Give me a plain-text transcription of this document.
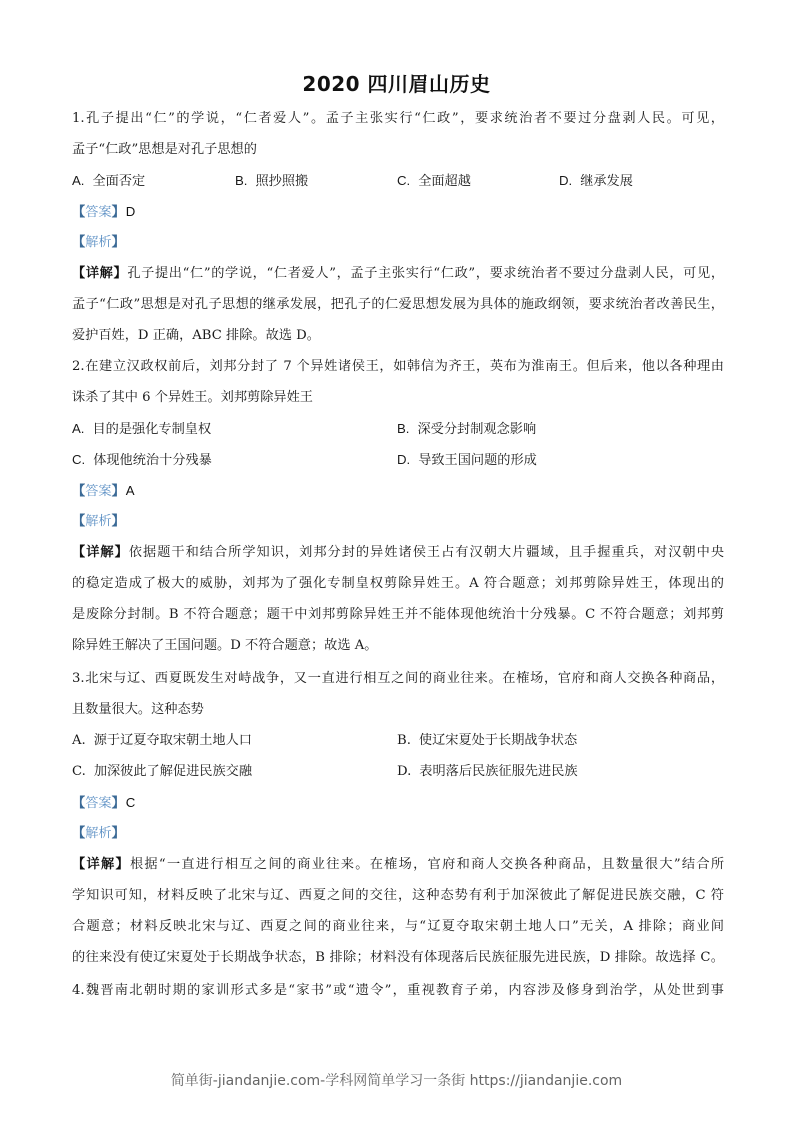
2020 四川眉山历史
1.孔子提出“仁”的学说，“仁者爱人”。孟子主张实行“仁政”，要求统治者不要过分盘剥人民。可见，
孟子“仁政”思想是对孔子思想的
A. 全面否定	B. 照抄照搬	C. 全面超越	D. 继承发展
【答案】D
【解析】
【详解】孔子提出“仁”的学说，“仁者爱人”，孟子主张实行“仁政”，要求统治者不要过分盘剥人民，可见，
孟子“仁政”思想是对孔子思想的继承发展，把孔子的仁爱思想发展为具体的施政纲领，要求统治者改善民生，
爱护百姓，D 正确，ABC 排除。故选 D。
2.在建立汉政权前后，刘邦分封了 7 个异姓诸侯王，如韩信为齐王，英布为淮南王。但后来，他以各种理由
诛杀了其中 6 个异姓王。刘邦剪除异姓王
A. 目的是强化专制皇权	B. 深受分封制观念影响
C. 体现他统治十分残暴	D. 导致王国问题的形成
【答案】A
【解析】
【详解】依据题干和结合所学知识，刘邦分封的异姓诸侯王占有汉朝大片疆域，且手握重兵，对汉朝中央
的稳定造成了极大的威胁，刘邦为了强化专制皇权剪除异姓王。A 符合题意；刘邦剪除异姓王，体现出的
是废除分封制。B 不符合题意；题干中刘邦剪除异姓王并不能体现他统治十分残暴。C 不符合题意；刘邦剪
除异姓王解决了王国问题。D 不符合题意；故选 A。
3.北宋与辽、西夏既发生对峙战争，又一直进行相互之间的商业往来。在榷场，官府和商人交换各种商品，
且数量很大。这种态势
A. 源于辽夏夺取宋朝土地人口	B. 使辽宋夏处于长期战争状态
C. 加深彼此了解促进民族交融	D. 表明落后民族征服先进民族
【答案】C
【解析】
【详解】根据“一直进行相互之间的商业往来。在榷场，官府和商人交换各种商品，且数量很大”结合所
学知识可知，材料反映了北宋与辽、西夏之间的交往，这种态势有利于加深彼此了解促进民族交融，C 符
合题意；材料反映北宋与辽、西夏之间的商业往来，与“辽夏夺取宋朝土地人口”无关，A 排除；商业间
的往来没有使辽宋夏处于长期战争状态，B 排除；材料没有体现落后民族征服先进民族，D 排除。故选择 C。
4.魏晋南北朝时期的家训形式多是“家书”或“遗令”，重视教育子弟，内容涉及修身到治学，从处世到事
简单街-jiandanjie.com-学科网简单学习一条街 https://jiandanjie.com
